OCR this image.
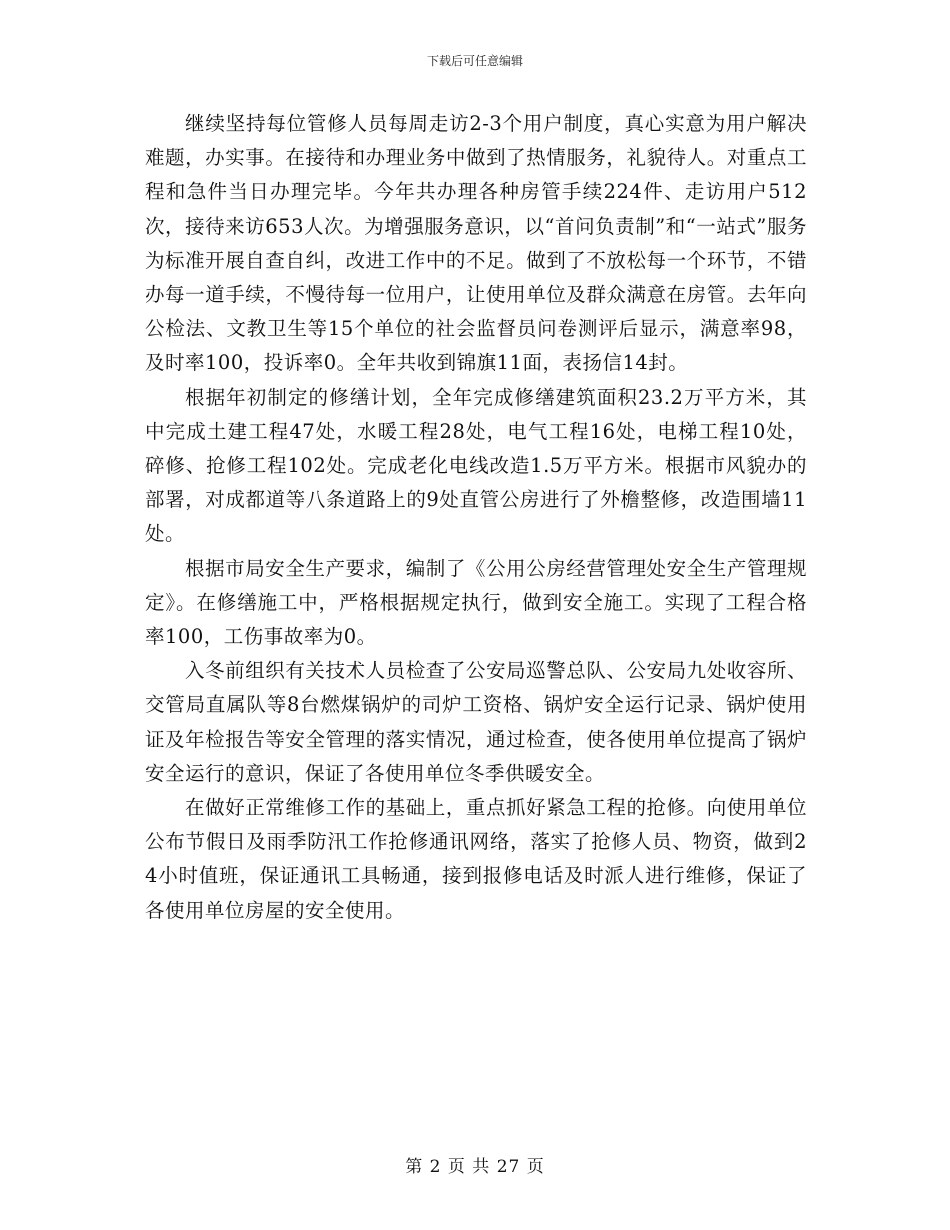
下载后可任意编辑

继续坚持每位管修人员每周走访2-3个用户制度，真心实意为用户解决难题，办实事。在接待和办理业务中做到了热情服务，礼貌待人。对重点工程和急件当日办理完毕。今年共办理各种房管手续224件、走访用户512次，接待来访653人次。为增强服务意识，以“首问负责制”和“一站式”服务为标准开展自查自纠，改进工作中的不足。做到了不放松每一个环节，不错办每一道手续，不慢待每一位用户，让使用单位及群众满意在房管。去年向公检法、文教卫生等15个单位的社会监督员问卷测评后显示，满意率98，及时率100，投诉率0。全年共收到锦旗11面，表扬信14封。

根据年初制定的修缮计划，全年完成修缮建筑面积23.2万平方米，其中完成土建工程47处，水暖工程28处，电气工程16处，电梯工程10处，碎修、抢修工程102处。完成老化电线改造1.5万平方米。根据市风貌办的部署，对成都道等八条道路上的9处直管公房进行了外檐整修，改造围墙11处。

根据市局安全生产要求，编制了《公用公房经营管理处安全生产管理规定》。在修缮施工中，严格根据规定执行，做到安全施工。实现了工程合格率100，工伤事故率为0。

入冬前组织有关技术人员检查了公安局巡警总队、公安局九处收容所、交管局直属队等8台燃煤锅炉的司炉工资格、锅炉安全运行记录、锅炉使用证及年检报告等安全管理的落实情况，通过检查，使各使用单位提高了锅炉安全运行的意识，保证了各使用单位冬季供暖安全。

在做好正常维修工作的基础上，重点抓好紧急工程的抢修。向使用单位公布节假日及雨季防汛工作抢修通讯网络，落实了抢修人员、物资，做到24小时值班，保证通讯工具畅通，接到报修电话及时派人进行维修，保证了各使用单位房屋的安全使用。

第 2 页 共 27 页
